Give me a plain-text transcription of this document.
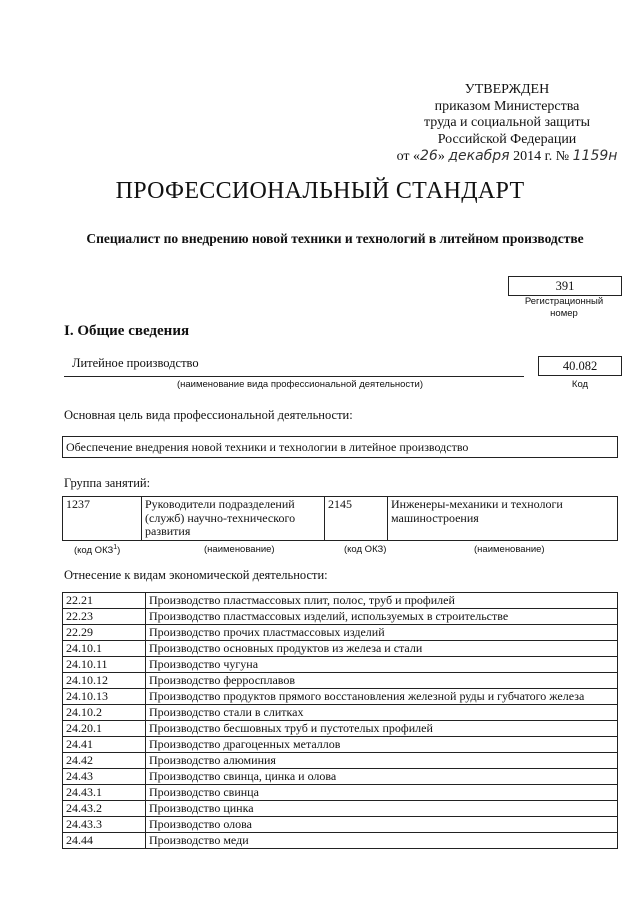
УТВЕРЖДЕН
приказом Министерства
труда и социальной защиты
Российской Федерации
от «26» декабря 2014 г. № 1159н
ПРОФЕССИОНАЛЬНЫЙ СТАНДАРТ
Специалист по внедрению новой техники и технологий в литейном производстве
391
Регистрационный
номер
I. Общие сведения
Литейное производство
(наименование вида профессиональной деятельности)
40.082
Код
Основная цель вида профессиональной деятельности:
Обеспечение внедрения новой техники и технологии в литейное производство
Группа занятий:
1237	Руководители подразделений (служб) научно-технического развития	2145	Инженеры-механики и технологи машиностроения
(код ОКЗ$^1$)	(наименование)	(код ОКЗ)	(наименование)
Отнесение к видам экономической деятельности:
22.21	Производство пластмассовых плит, полос, труб и профилей
22.23	Производство пластмассовых изделий, используемых в строительстве
22.29	Производство прочих пластмассовых изделий
24.10.1	Производство основных продуктов из железа и стали
24.10.11	Производство чугуна
24.10.12	Производство ферросплавов
24.10.13	Производство продуктов прямого восстановления железной руды и губчатого железа
24.10.2	Производство стали в слитках
24.20.1	Производство бесшовных труб и пустотелых профилей
24.41	Производство драгоценных металлов
24.42	Производство алюминия
24.43	Производство свинца, цинка и олова
24.43.1	Производство свинца
24.43.2	Производство цинка
24.43.3	Производство олова
24.44	Производство меди
